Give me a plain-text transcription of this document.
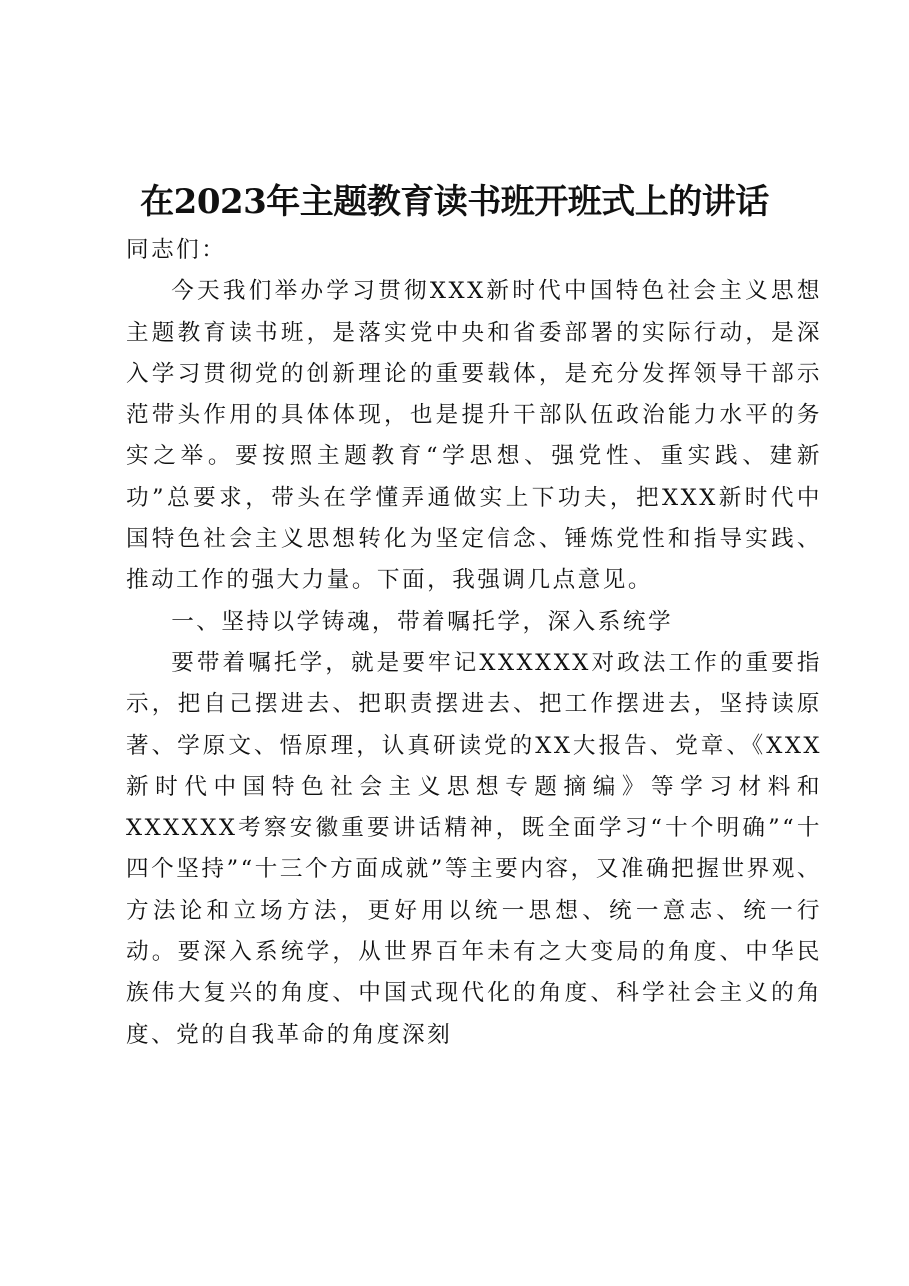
在2023年主题教育读书班开班式上的讲话

同志们：

今天我们举办学习贯彻XXX新时代中国特色社会主义思想主题教育读书班，是落实党中央和省委部署的实际行动，是深入学习贯彻党的创新理论的重要载体，是充分发挥领导干部示范带头作用的具体体现，也是提升干部队伍政治能力水平的务实之举。要按照主题教育“学思想、强党性、重实践、建新功”总要求，带头在学懂弄通做实上下功夫，把XXX新时代中国特色社会主义思想转化为坚定信念、锤炼党性和指导实践、推动工作的强大力量。下面，我强调几点意见。

一、坚持以学铸魂，带着嘱托学，深入系统学

要带着嘱托学，就是要牢记XXXXXX对政法工作的重要指示，把自己摆进去、把职责摆进去、把工作摆进去，坚持读原著、学原文、悟原理，认真研读党的XX大报告、党章、《XXX新时代中国特色社会主义思想专题摘编》等学习材料和XXXXXX考察安徽重要讲话精神，既全面学习“十个明确”“十四个坚持”“十三个方面成就”等主要内容，又准确把握世界观、方法论和立场方法，更好用以统一思想、统一意志、统一行动。要深入系统学，从世界百年未有之大变局的角度、中华民族伟大复兴的角度、中国式现代化的角度、科学社会主义的角度、党的自我革命的角度深刻
